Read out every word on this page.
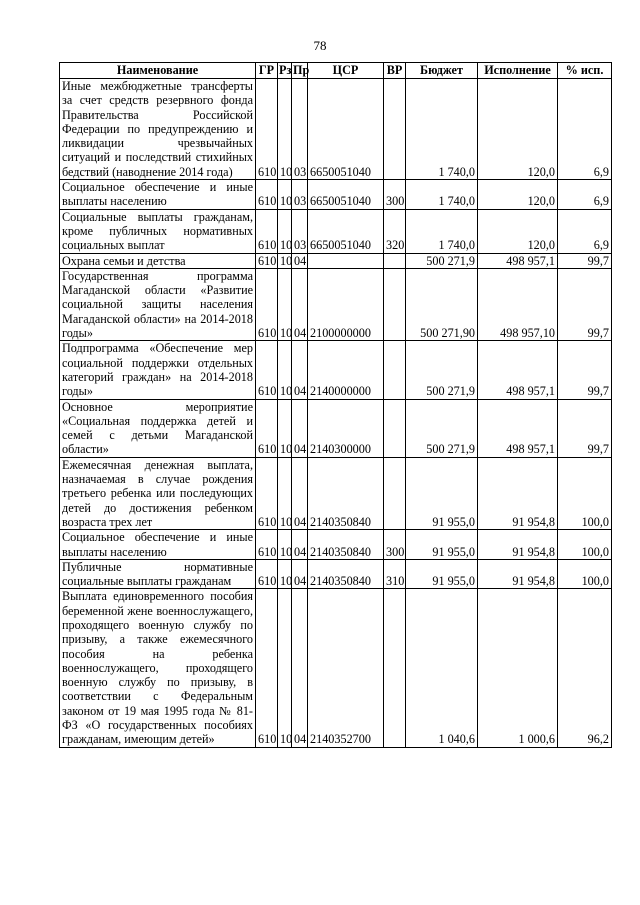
78
Наименование	ГР	Рз	Пр	ЦСР	ВР	Бюджет	Исполнение	% исп.
Иные межбюджетные трансферты за счет средств резервного фонда Правительства Российской Федерации по предупреждению и ликвидации чрезвычайных ситуаций и последствий стихийных бедствий (наводнение 2014 года)	610	10	03	6650051040		1 740,0	120,0	6,9
Социальное обеспечение и иные выплаты населению	610	10	03	6650051040	300	1 740,0	120,0	6,9
Социальные выплаты гражданам, кроме публичных нормативных социальных выплат	610	10	03	6650051040	320	1 740,0	120,0	6,9
Охрана семьи и детства	610	10	04			500 271,9	498 957,1	99,7
Государственная программа Магаданской области «Развитие социальной защиты населения Магаданской области» на 2014-2018 годы»	610	10	04	2100000000		500 271,90	498 957,10	99,7
Подпрограмма «Обеспечение мер социальной поддержки отдельных категорий граждан» на 2014-2018 годы»	610	10	04	2140000000		500 271,9	498 957,1	99,7
Основное мероприятие «Социальная поддержка детей и семей с детьми Магаданской области»	610	10	04	2140300000		500 271,9	498 957,1	99,7
Ежемесячная денежная выплата, назначаемая в случае рождения третьего ребенка или последующих детей до достижения ребенком возраста трех лет	610	10	04	2140350840		91 955,0	91 954,8	100,0
Социальное обеспечение и иные выплаты населению	610	10	04	2140350840	300	91 955,0	91 954,8	100,0
Публичные нормативные социальные выплаты гражданам	610	10	04	2140350840	310	91 955,0	91 954,8	100,0
Выплата единовременного пособия беременной жене военнослужащего, проходящего военную службу по призыву, а также ежемесячного пособия на ребенка военнослужащего, проходящего военную службу по призыву, в соответствии с Федеральным законом от 19 мая 1995 года № 81-ФЗ «О государственных пособиях гражданам, имеющим детей»	610	10	04	2140352700		1 040,6	1 000,6	96,2
